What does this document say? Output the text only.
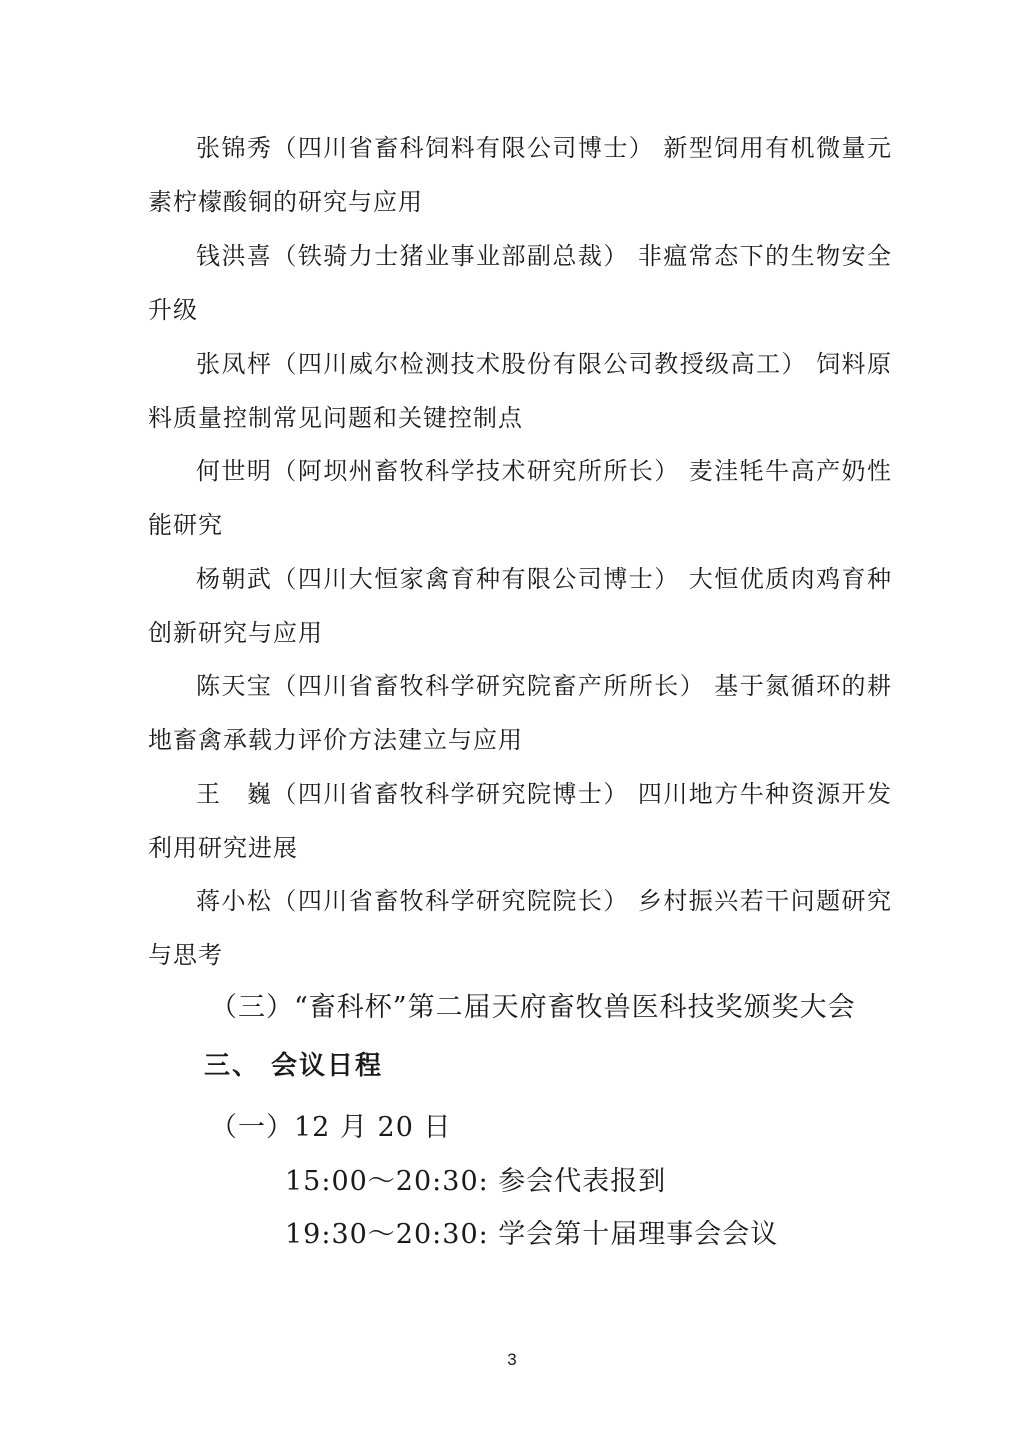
张锦秀（四川省畜科饲料有限公司博士） 新型饲用有机微量元素柠檬酸铜的研究与应用

钱洪喜（铁骑力士猪业事业部副总裁） 非瘟常态下的生物安全升级

张凤枰（四川威尔检测技术股份有限公司教授级高工） 饲料原料质量控制常见问题和关键控制点

何世明（阿坝州畜牧科学技术研究所所长） 麦洼牦牛高产奶性能研究

杨朝武（四川大恒家禽育种有限公司博士） 大恒优质肉鸡育种创新研究与应用

陈天宝（四川省畜牧科学研究院畜产所所长） 基于氮循环的耕地畜禽承载力评价方法建立与应用

王　巍（四川省畜牧科学研究院博士） 四川地方牛种资源开发利用研究进展

蒋小松（四川省畜牧科学研究院院长） 乡村振兴若干问题研究与思考

（三）“畜科杯”第二届天府畜牧兽医科技奖颁奖大会
三、 会议日程
（一）12 月 20 日
15:00～20:30: 参会代表报到
19:30～20:30: 学会第十届理事会会议
3
